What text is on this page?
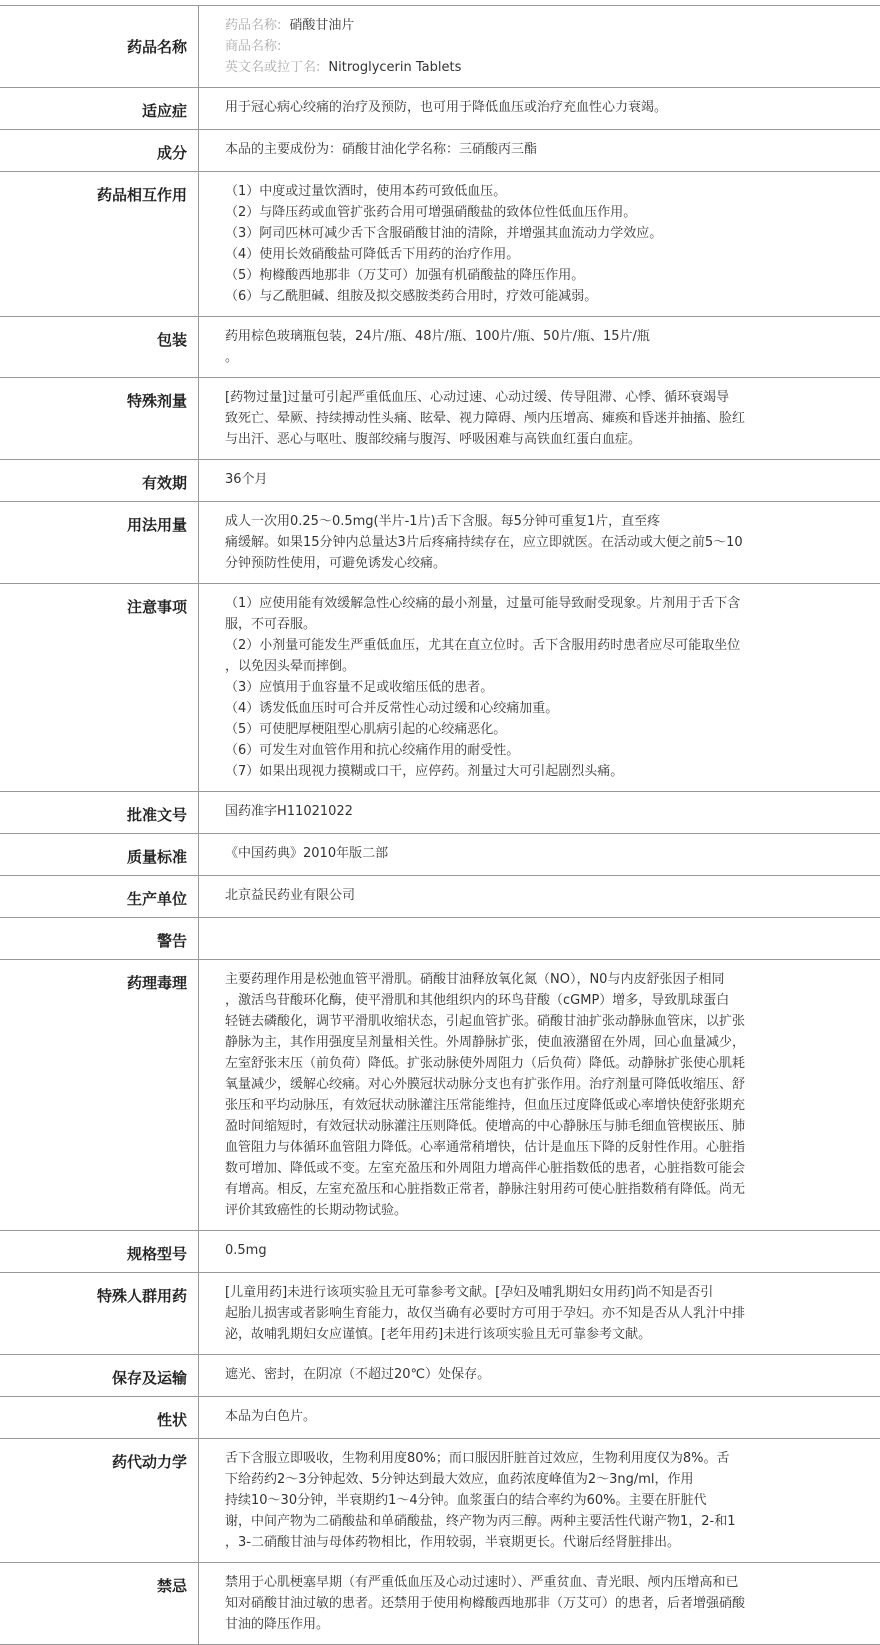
药品名称
药品名称: 硝酸甘油片
商品名称:
英文名或拉丁名: Nitroglycerin Tablets
适应症	用于冠心病心绞痛的治疗及预防，也可用于降低血压或治疗充血性心力衰竭。
成分	本品的主要成份为：硝酸甘油化学名称：三硝酸丙三酯
药品相互作用	（1）中度或过量饮酒时，使用本药可致低血压。
（2）与降压药或血管扩张药合用可增强硝酸盐的致体位性低血压作用。
（3）阿司匹林可减少舌下含服硝酸甘油的清除，并增强其血流动力学效应。
（4）使用长效硝酸盐可降低舌下用药的治疗作用。
（5）枸橼酸西地那非（万艾可）加强有机硝酸盐的降压作用。
（6）与乙酰胆碱、组胺及拟交感胺类药合用时，疗效可能减弱。
包装	药用棕色玻璃瓶包装，24片/瓶、48片/瓶、100片/瓶、50片/瓶、15片/瓶
。
特殊剂量	[药物过量]过量可引起严重低血压、心动过速、心动过缓、传导阻滞、心悸、循环衰竭导
致死亡、晕厥、持续搏动性头痛、眩晕、视力障碍、颅内压增高、瘫痪和昏迷并抽搐、脸红
与出汗、恶心与呕吐、腹部绞痛与腹泻、呼吸困难与高铁血红蛋白血症。
有效期	36个月
用法用量	成人一次用0.25～0.5mg(半片-1片)舌下含服。每5分钟可重复1片，直至疼
痛缓解。如果15分钟内总量达3片后疼痛持续存在，应立即就医。在活动或大便之前5～10
分钟预防性使用，可避免诱发心绞痛。
注意事项	（1）应使用能有效缓解急性心绞痛的最小剂量，过量可能导致耐受现象。片剂用于舌下含
服，不可吞服。
（2）小剂量可能发生严重低血压，尤其在直立位时。舌下含服用药时患者应尽可能取坐位
，以免因头晕而摔倒。
（3）应慎用于血容量不足或收缩压低的患者。
（4）诱发低血压时可合并反常性心动过缓和心绞痛加重。
（5）可使肥厚梗阻型心肌病引起的心绞痛恶化。
（6）可发生对血管作用和抗心绞痛作用的耐受性。
（7）如果出现视力摸糊或口干，应停药。剂量过大可引起剧烈头痛。
批准文号	国药准字H11021022
质量标准	《中国药典》2010年版二部
生产单位	北京益民药业有限公司
警告

药理毒理	主要药理作用是松弛血管平滑肌。硝酸甘油释放氧化氮（NO），N0与内皮舒张因子相同
，激活鸟苷酸环化酶，使平滑肌和其他组织内的环鸟苷酸（cGMP）增多，导致肌球蛋白
轻链去磷酸化，调节平滑肌收缩状态，引起血管扩张。硝酸甘油扩张动静脉血管床，以扩张
静脉为主，其作用强度呈剂量相关性。外周静脉扩张，使血液潴留在外周，回心血量减少，
左室舒张末压（前负荷）降低。扩张动脉使外周阻力（后负荷）降低。动静脉扩张使心肌耗
氧量减少，缓解心绞痛。对心外膜冠状动脉分支也有扩张作用。治疗剂量可降低收缩压、舒
张压和平均动脉压，有效冠状动脉灌注压常能维持，但血压过度降低或心率增快使舒张期充
盈时间缩短时，有效冠状动脉灌注压则降低。使增高的中心静脉压与肺毛细血管楔嵌压、肺
血管阻力与体循环血管阻力降低。心率通常稍增快，估计是血压下降的反射性作用。心脏指
数可增加、降低或不变。左室充盈压和外周阻力增高伴心脏指数低的患者，心脏指数可能会
有增高。相反，左室充盈压和心脏指数正常者，静脉注射用药可使心脏指数稍有降低。尚无
评价其致癌性的长期动物试验。
规格型号	0.5mg
特殊人群用药	[儿童用药]未进行该项实验且无可靠参考文献。[孕妇及哺乳期妇女用药]尚不知是否引
起胎儿损害或者影响生育能力，故仅当确有必要时方可用于孕妇。亦不知是否从人乳汁中排
泌，故哺乳期妇女应谨慎。[老年用药]未进行该项实验且无可靠参考文献。
保存及运输	遮光、密封，在阴凉（不超过20℃）处保存。
性状	本品为白色片。
药代动力学	舌下含服立即吸收，生物利用度80%；而口服因肝脏首过效应，生物利用度仅为8%。舌
下给药约2～3分钟起效、5分钟达到最大效应，血药浓度峰值为2～3ng/ml，作用
持续10～30分钟，半衰期约1～4分钟。血浆蛋白的结合率约为60%。主要在肝脏代
谢，中间产物为二硝酸盐和单硝酸盐，终产物为丙三醇。两种主要活性代谢产物1，2-和1
，3-二硝酸甘油与母体药物相比，作用较弱，半衰期更长。代谢后经肾脏排出。
禁忌	禁用于心肌梗塞早期（有严重低血压及心动过速时）、严重贫血、青光眼、颅内压增高和已
知对硝酸甘油过敏的患者。还禁用于使用枸橼酸西地那非（万艾可）的患者，后者增强硝酸
甘油的降压作用。
